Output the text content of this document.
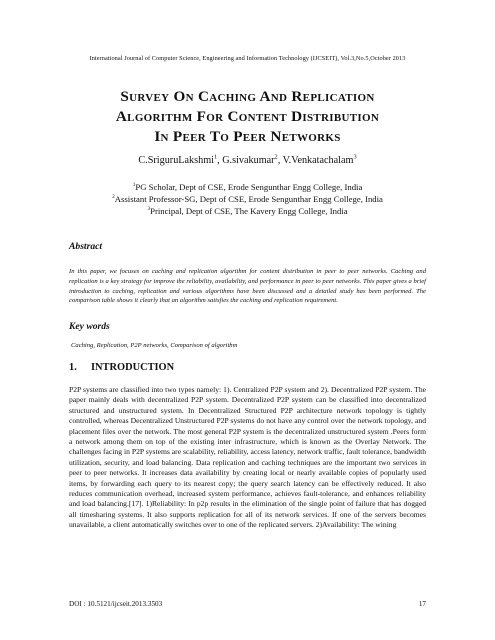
International Journal of Computer Science, Engineering and Information Technology (IJCSEIT), Vol.3,No.5,October 2013
Survey On Caching And Replication
Algorithm For Content Distribution
In Peer To Peer Networks
C.SriguruLakshmi$^1$, G.sivakumar$^2$, V.Venkatachalam$^3$
$^1$PG Scholar, Dept of CSE, Erode Sengunthar Engg College, India
$^2$Assistant Professor-SG, Dept of CSE, Erode Sengunthar Engg College, India
$^3$Principal, Dept of CSE, The Kavery Engg College, India
Abstract
In this paper, we focuses on caching and replication algorithm for content distribution in peer to peer networks. Caching and replication is a key strategy for improve the reliability, availability, and performance in peer to peer networks. This paper gives a brief introduction to caching, replication and various algorithms have been discussed and a detailed study has been performed. The comparison table shows it clearly that an algorithm satisfies the caching and replication requirement.
Key words
Caching, Replication, P2P networks, Comparison of algorithm
1. INTRODUCTION

P2P systems are classified into two types namely: 1). Centralized P2P system and 2). Decentralized P2P system. The paper mainly deals with decentralized P2P system. Decentralized P2P system can be classified into decentralized structured and unstructured system. In Decentralized Structured P2P architecture network topology is tightly controlled, whereas Decentralized Unstructured P2P systems do not have any control over the network topology, and placement files over the network. The most general P2P system is the decentralized unstructured system .Peers form a network among them on top of the existing inter infrastructure, which is known as the Overlay Network. The challenges facing in P2P systems are scalability, reliability, access latency, network traffic, fault tolerance, bandwidth utilization, security, and load balancing. Data replication and caching techniques are the important two services in peer to peer networks. It increases data availability by creating local or nearly available copies of popularly used items, by forwarding each query to its nearest copy; the query search latency can be effectively reduced. It also reduces communication overhead, increased system performance, achieves fault-tolerance, and enhances reliability and load balancing.[17]. 1)Reliability: In p2p results in the elimination of the single point of failure that has dogged all timesharing systems. It also supports replication for all of its network services. If one of the servers becomes unavailable, a client automatically switches over to one of the replicated servers. 2)Availability: The wining

DOI : 10.5121/ijcseit.2013.3503	17
